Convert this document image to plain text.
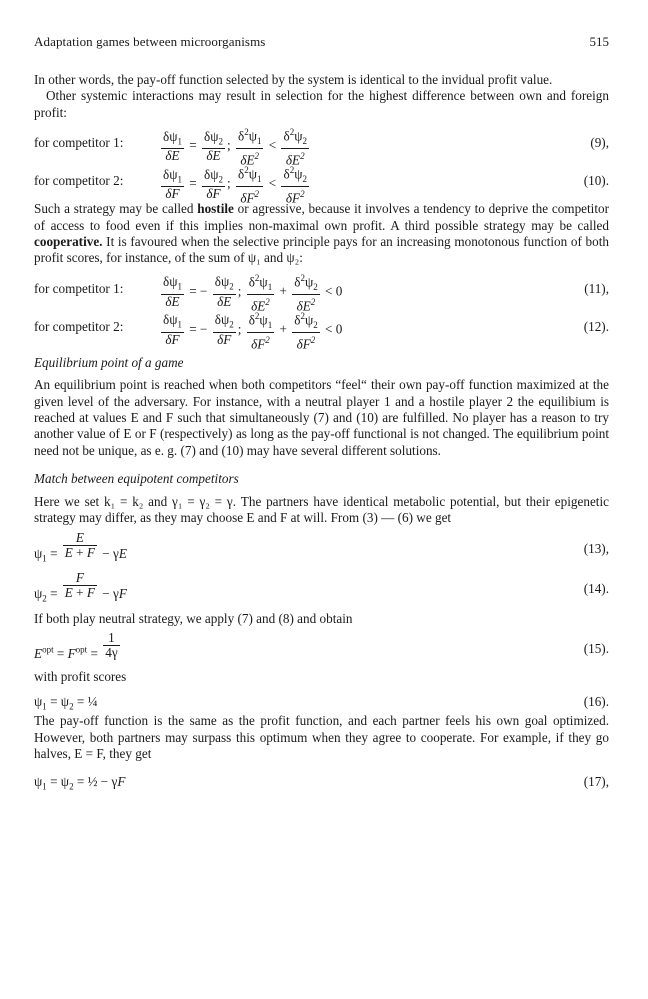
Adaptation games between microorganisms	515

In other words, the pay-off function selected by the system is identical to the invidual profit value.

Other systemic interactions may result in selection for the highest difference between own and foreign profit:

for competitor 1:	$\frac{\delta\psi_1}{\delta E} = \frac{\delta\psi_2}{\delta E}$ ; $\frac{\delta^2\psi_1}{\delta E^2} < \frac{\delta^2\psi_2}{\delta E^2}$	(9),
for competitor 2:	$\frac{\delta\psi_1}{\delta F} = \frac{\delta\psi_2}{\delta F}$ ; $\frac{\delta^2\psi_1}{\delta F^2} < \frac{\delta^2\psi_2}{\delta F^2}$	(10).

Such a strategy may be called hostile or agressive, because it involves a tendency to deprive the competitor of access to food even if this implies non-maximal own profit. A third possible strategy may be called cooperative. It is favoured when the selective principle pays for an increasing monotonous function of both profit scores, for instance, of the sum of ψ₁ and ψ₂:

for competitor 1:	$\frac{\delta\psi_1}{\delta E}$ = − $\frac{\delta\psi_2}{\delta E}$ ; $\frac{\delta^2\psi_1}{\delta E^2} + \frac{\delta^2\psi_2}{\delta E^2} < 0$	(11),
for competitor 2:	$\frac{\delta\psi_1}{\delta F}$ = − $\frac{\delta\psi_2}{\delta F}$ ; $\frac{\delta^2\psi_1}{\delta F^2} + \frac{\delta^2\psi_2}{\delta F^2} < 0$	(12).

Equilibrium point of a game

An equilibrium point is reached when both competitors “feel“ their own pay-off function maximized at the given level of the adversary. For instance, with a neutral player 1 and a hostile player 2 the equilibium is reached at values E and F such that simultaneously (7) and (10) are fulfilled. No player has a reason to try another value of E or F (respectively) as long as the pay-off functional is not changed. The equilibrium point need not be unique, as e. g. (7) and (10) may have several different solutions.

Match between equipotent competitors

Here we set k₁ = k₂ and γ₁ = γ₂ = γ. The partners have identical metabolic potential, but their epigenetic strategy may differ, as they may choose E and F at will. From (3) — (6) we get

$\psi_1 = \frac{E}{E + F} - \gamma E$	(13),
$\psi_2 = \frac{F}{E + F} - \gamma F$	(14).

If both play neutral strategy, we apply (7) and (8) and obtain

$E^{opt} = F^{opt} = \frac{1}{4\gamma}$	(15).

with profit scores

$\psi_1 = \psi_2$ = ¼	(16).

The pay-off function is the same as the profit function, and each partner feels his own goal optimized. However, both partners may surpass this optimum when they agree to cooperate. For example, if they go halves, E = F, they get

$\psi_1 = \psi_2$ = ½ − γF	(17),
